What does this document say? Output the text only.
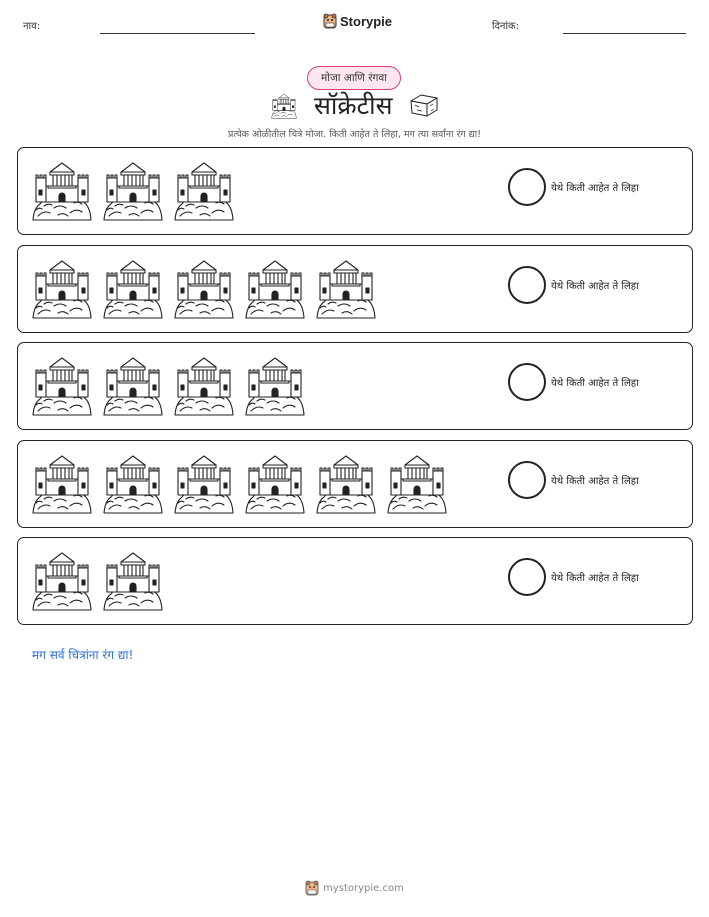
नाव:	Storypie	दिनांक:
मोजा आणि रंगवा
सॉक्रेटीस
प्रत्येक ओळीतील चित्रे मोजा. किती आहेत ते लिहा, मग त्या सर्वांना रंग द्या!
येथे किती आहेत ते लिहा
येथे किती आहेत ते लिहा
येथे किती आहेत ते लिहा
येथे किती आहेत ते लिहा
येथे किती आहेत ते लिहा
मग सर्व चित्रांना रंग द्या!
mystorypie.com
